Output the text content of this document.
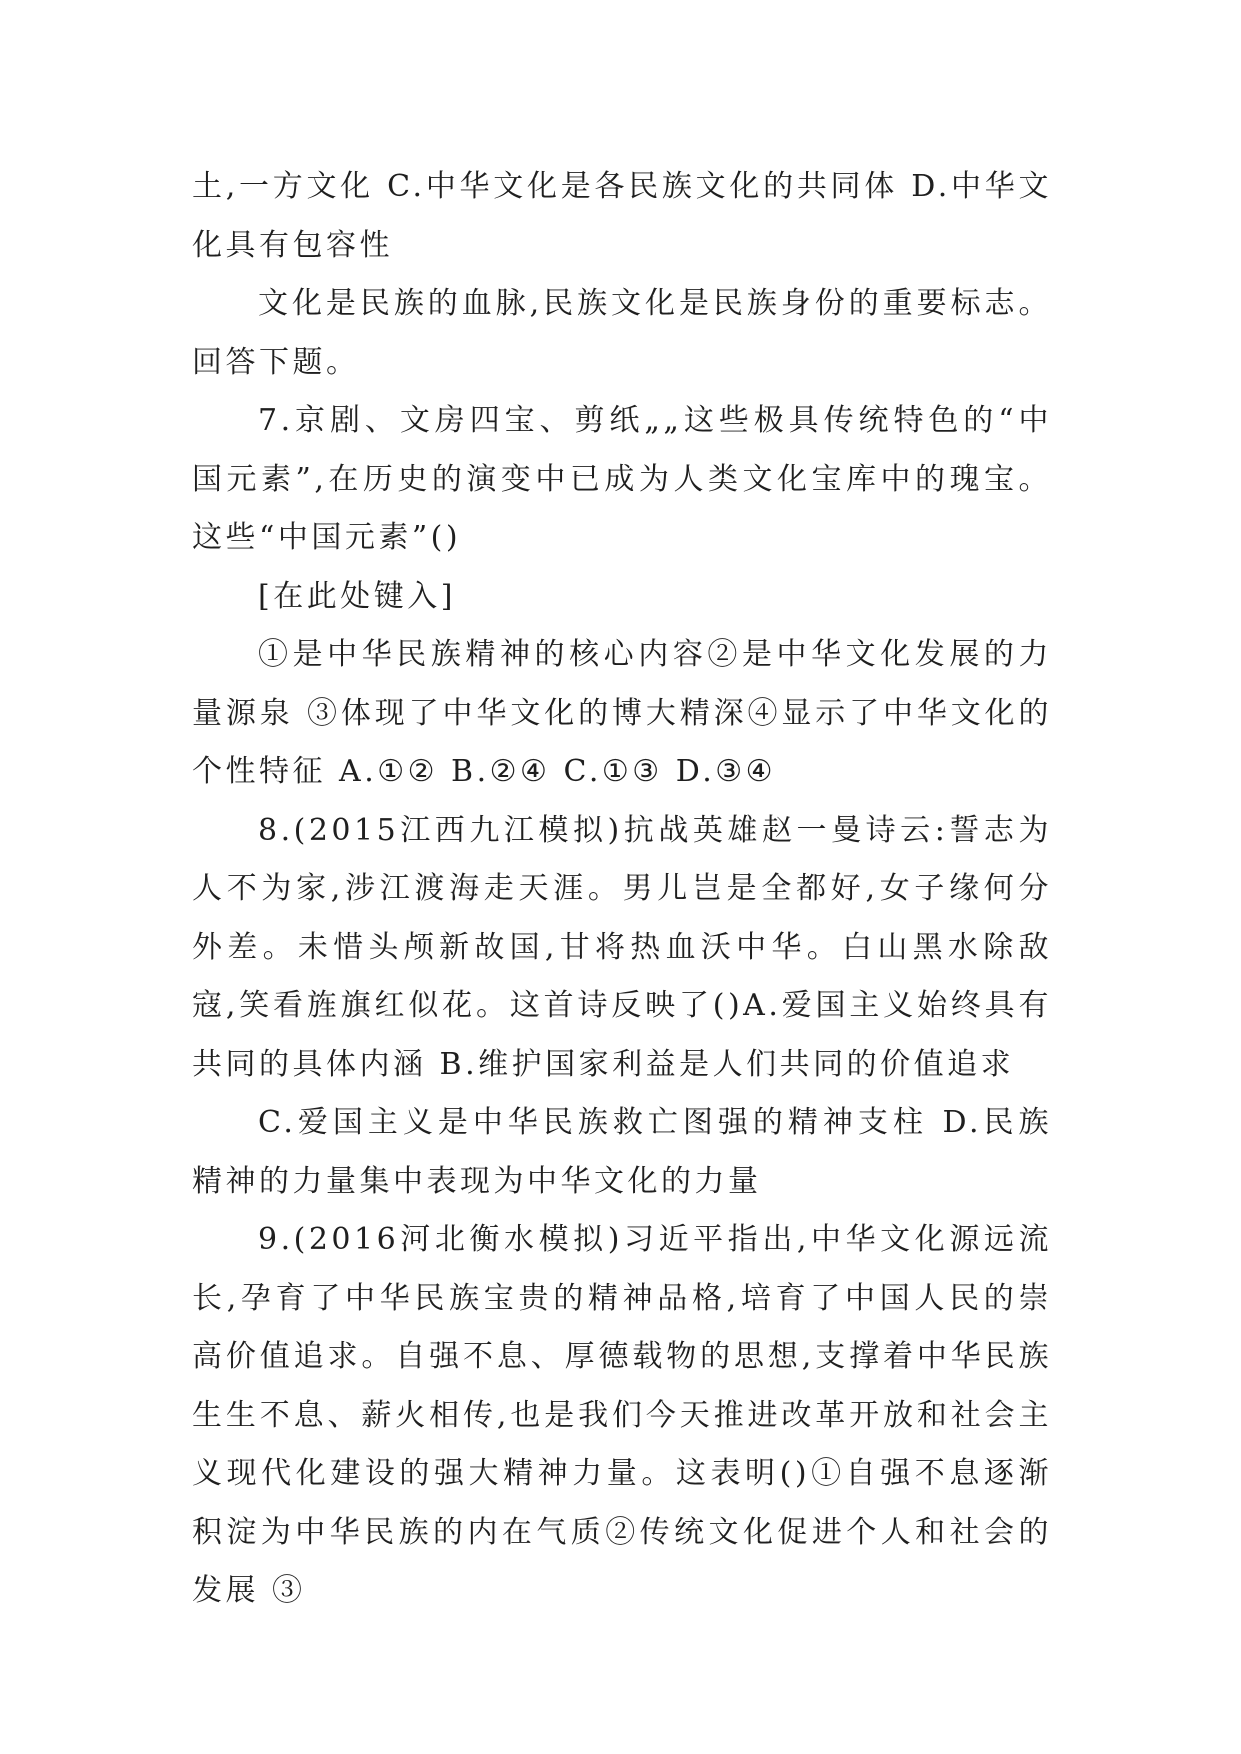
土,一方文化 C.中华文化是各民族文化的共同体 D.中华文化具有包容性

文化是民族的血脉,民族文化是民族身份的重要标志。回答下题。

7.京剧、文房四宝、剪纸„„这些极具传统特色的“中国元素”,在历史的演变中已成为人类文化宝库中的瑰宝。这些“中国元素”()

[在此处键入]

①是中华民族精神的核心内容②是中华文化发展的力量源泉 ③体现了中华文化的博大精深④显示了中华文化的个性特征 A.①② B.②④ C.①③ D.③④

8.(2015江西九江模拟)抗战英雄赵一曼诗云:誓志为人不为家,涉江渡海走天涯。男儿岂是全都好,女子缘何分外差。未惜头颅新故国,甘将热血沃中华。白山黑水除敌寇,笑看旌旗红似花。这首诗反映了()A.爱国主义始终具有共同的具体内涵 B.维护国家利益是人们共同的价值追求

C.爱国主义是中华民族救亡图强的精神支柱 D.民族精神的力量集中表现为中华文化的力量

9.(2016河北衡水模拟)习近平指出,中华文化源远流长,孕育了中华民族宝贵的精神品格,培育了中国人民的崇高价值追求。自强不息、厚德载物的思想,支撑着中华民族生生不息、薪火相传,也是我们今天推进改革开放和社会主义现代化建设的强大精神力量。这表明()①自强不息逐渐积淀为中华民族的内在气质②传统文化促进个人和社会的发展 ③
